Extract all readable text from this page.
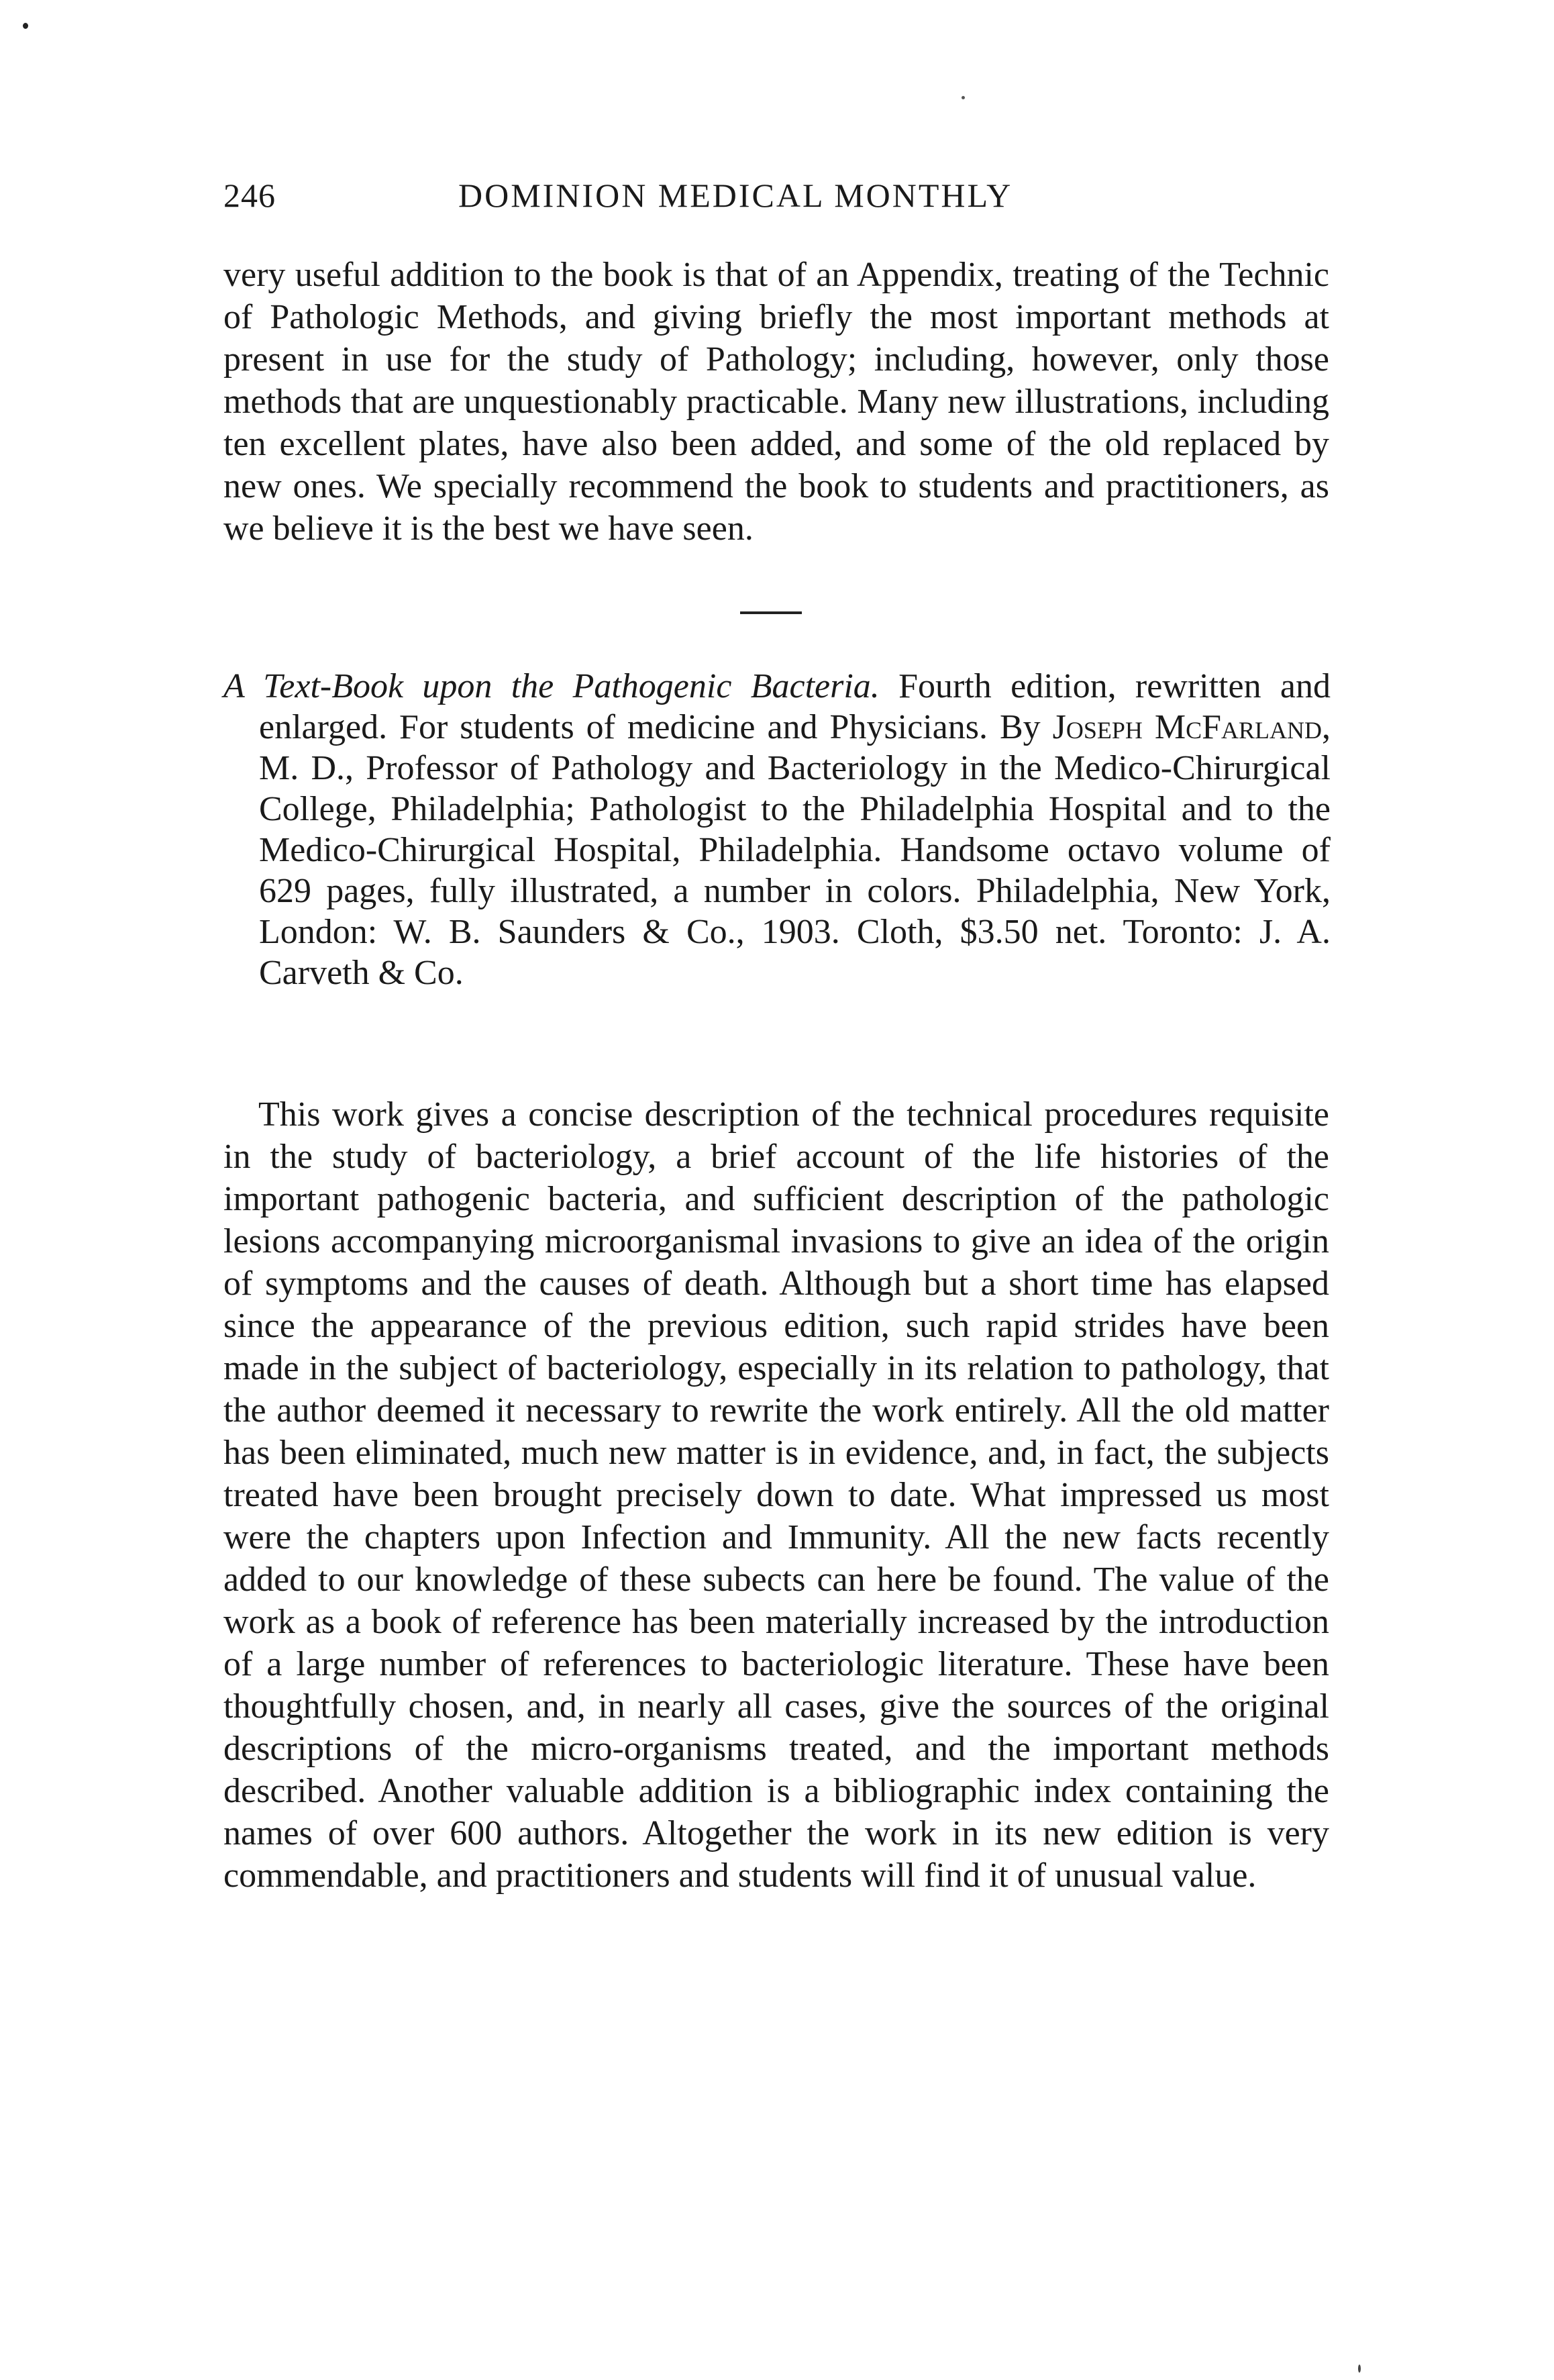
246	DOMINION MEDICAL MONTHLY

very useful addition to the book is that of an Appendix, treating of the Technic of Pathologic Methods, and giving briefly the most important methods at present in use for the study of Pathology; including, however, only those methods that are unquestionably practicable. Many new illustrations, including ten excellent plates, have also been added, and some of the old replaced by new ones. We specially recommend the book to students and practitioners, as we believe it is the best we have seen.

A Text-Book upon the Pathogenic Bacteria. Fourth edition, rewritten and enlarged. For students of medicine and Physicians. By Joseph McFarland, M. D., Professor of Pathology and Bacteriology in the Medico-Chirurgical College, Philadelphia; Pathologist to the Philadelphia Hospital and to the Medico-Chirurgical Hospital, Philadelphia. Handsome octavo volume of 629 pages, fully illustrated, a number in colors. Philadelphia, New York, London: W. B. Saunders & Co., 1903. Cloth, $3.50 net. Toronto: J. A. Carveth & Co.

This work gives a concise description of the technical procedures requisite in the study of bacteriology, a brief account of the life histories of the important pathogenic bacteria, and sufficient description of the pathologic lesions accompanying microorganismal invasions to give an idea of the origin of symptoms and the causes of death. Although but a short time has elapsed since the appearance of the previous edition, such rapid strides have been made in the subject of bacteriology, especially in its relation to pathology, that the author deemed it necessary to rewrite the work entirely. All the old matter has been eliminated, much new matter is in evidence, and, in fact, the subjects treated have been brought precisely down to date. What impressed us most were the chapters upon Infection and Immunity. All the new facts recently added to our knowledge of these subects can here be found. The value of the work as a book of reference has been materially increased by the introduction of a large number of references to bacteriologic literature. These have been thoughtfully chosen, and, in nearly all cases, give the sources of the original descriptions of the micro-organisms treated, and the important methods described. Another valuable addition is a bibliographic index containing the names of over 600 authors. Altogether the work in its new edition is very commendable, and practitioners and students will find it of unusual value.
